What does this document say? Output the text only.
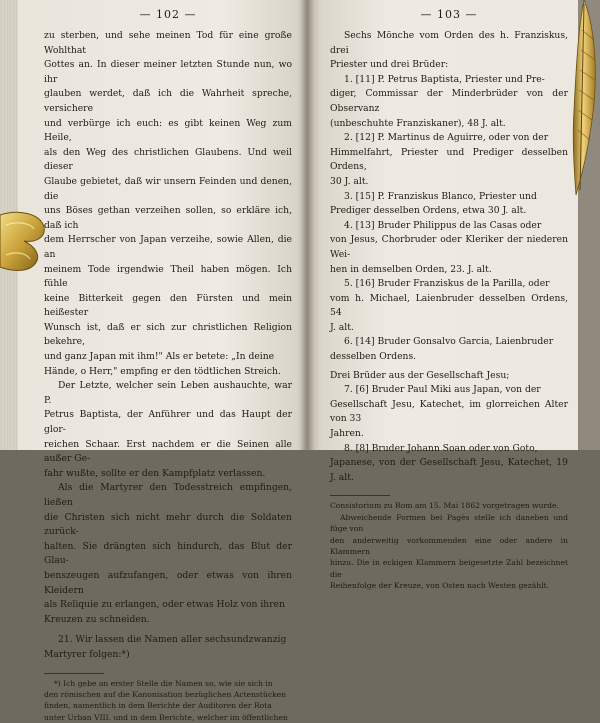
— 102 —

zu sterben, und sehe meinen Tod für eine große Wohlthat

Gottes an. In dieser meiner letzten Stunde nun, wo ihr

glauben werdet, daß ich die Wahrheit spreche, versichere

und verbürge ich euch: es gibt keinen Weg zum Heile,

als den Weg des christlichen Glaubens. Und weil dieser

Glaube gebietet, daß wir unsern Feinden und denen, die

uns Böses gethan verzeihen sollen, so erkläre ich, daß ich

dem Herrscher von Japan verzeihe, sowie Allen, die an

meinem Tode irgendwie Theil haben mögen. Ich fühle

keine Bitterkeit gegen den Fürsten und mein heißester

Wunsch ist, daß er sich zur christlichen Religion bekehre,

und ganz Japan mit ihm!" Als er betete: „In deine

Hände, o Herr," empfing er den tödtlichen Streich.

Der Letzte, welcher sein Leben aushauchte, war P.

Petrus Baptista, der Anführer und das Haupt der glor-

reichen Schaar. Erst nachdem er die Seinen alle außer Ge-

fahr wußte, sollte er den Kampfplatz verlassen.

Als die Martyrer den Todesstreich empfingen, ließen

die Christen sich nicht mehr durch die Soldaten zurück-

halten. Sie drängten sich hindurch, das Blut der Glau-

benszeugen aufzufangen, oder etwas von ihren Kleidern

als Reliquie zu erlangen, oder etwas Holz von ihren

Kreuzen zu schneiden.

21. Wir lassen die Namen aller sechsundzwanzig

Martyrer folgen:*)

*) Ich gebe an erster Stelle die Namen so, wie sie sich in

den römischen auf die Kanonisation bezüglichen Actenstücken

finden, namentlich in dem Berichte der Auditoren der Rota

unter Urban VIII. und in dem Berichte, welcher im öffentlichen

— 103 —

Sechs Mönche vom Orden des h. Franziskus, drei

Priester und drei Brüder:

1. [11] P. Petrus Baptista, Priester und Pre-

diger, Commissar der Minderbrüder von der Observanz

(unbeschuhte Franziskaner), 48 J. alt.

2. [12] P. Martinus de Aguirre, oder von der

Himmelfahrt, Priester und Prediger desselben Ordens,

30 J. alt.

3. [15] P. Franziskus Blanco, Priester und

Prediger desselben Ordens, etwa 30 J. alt.

4. [13] Bruder Philippus de las Casas oder

von Jesus, Chorbruder oder Kleriker der niederen Wei-

hen in demselben Orden, 23. J. alt.

5. [16] Bruder Franziskus de la Parilla, oder

vom h. Michael, Laienbruder desselben Ordens, 54

J. alt.

6. [14] Bruder Gonsalvo Garcia, Laienbruder

desselben Ordens.

Drei Brüder aus der Gesellschaft Jesu;

7. [6] Bruder Paul Miki aus Japan, von der

Gesellschaft Jesu, Katechet, im glorreichen Alter von 33

Jahren.

8. [8] Bruder Johann Soan oder von Goto,

Japanese, von der Gesellschaft Jesu, Katechet, 19 J. alt.

Consistorium zu Rom am 15. Mai 1862 vorgetragen wurde.

Abweichende Formen bei Pagès stelle ich daneben und füge von

den anderweitig vorkommenden eine oder andere in Klammern

hinzu. Die in eckigen Klammern beigesetzte Zahl bezeichnet die

Reihenfolge der Kreuze, von Osten nach Westen gezählt.
